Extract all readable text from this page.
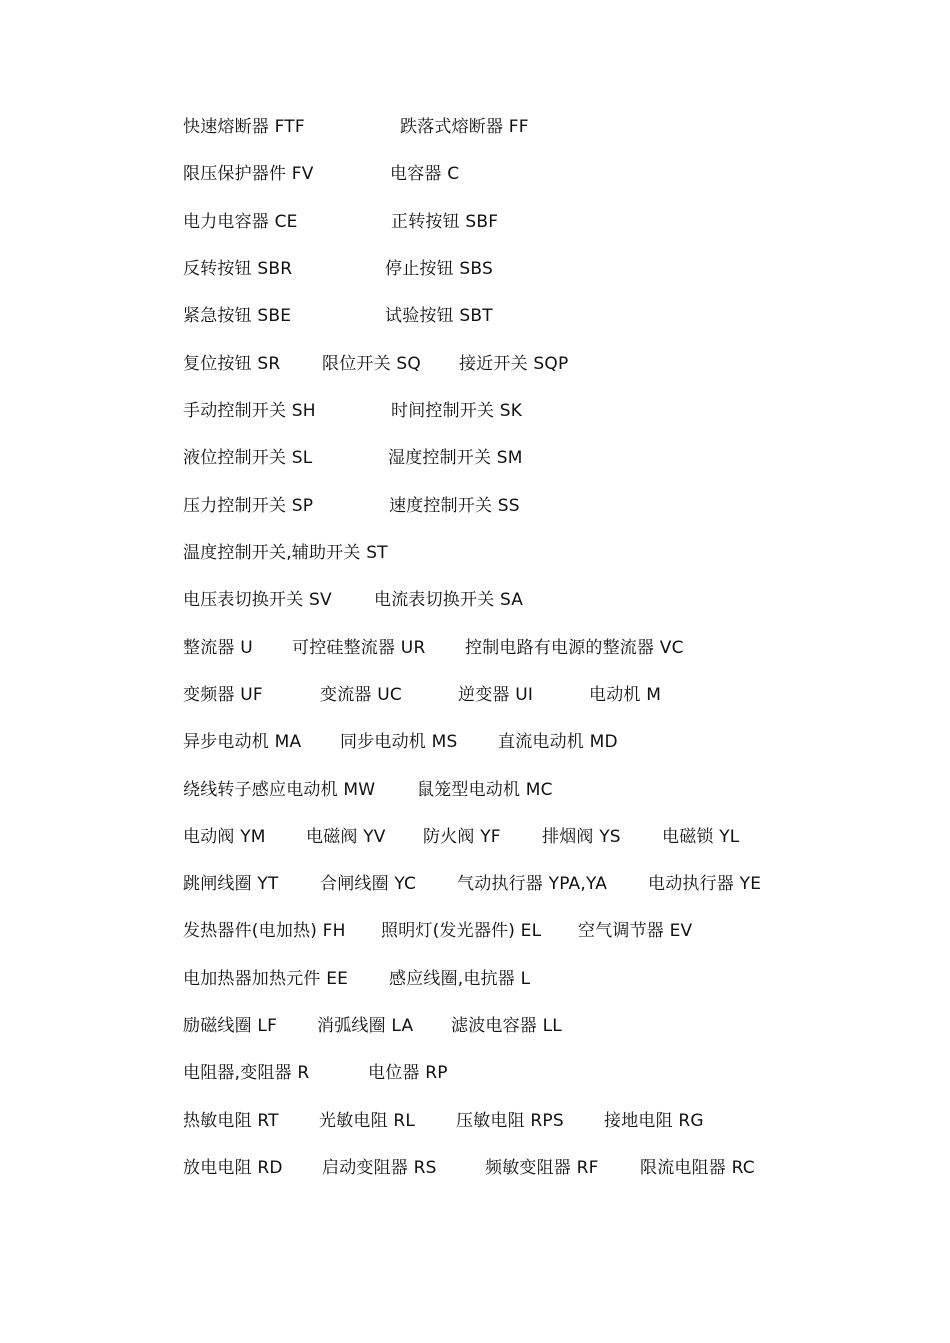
快速熔断器 FTF	跌落式熔断器 FF
限压保护器件 FV	电容器 C
电力电容器 CE	正转按钮 SBF
反转按钮 SBR	停止按钮 SBS
紧急按钮 SBE	试验按钮 SBT
复位按钮 SR 限位开关 SQ 接近开关 SQP
手动控制开关 SH	时间控制开关 SK
液位控制开关 SL	湿度控制开关 SM
压力控制开关 SP	速度控制开关 SS
温度控制开关,辅助开关 ST
电压表切换开关 SV 电流表切换开关 SA
整流器 U 可控硅整流器 UR 控制电路有电源的整流器 VC
变频器 UF	变流器 UC	逆变器 UI	电动机 M
异步电动机 MA 同步电动机 MS 直流电动机 MD
绕线转子感应电动机 MW 鼠笼型电动机 MC
电动阀 YM 电磁阀 YV 防火阀 YF 排烟阀 YS 电磁锁 YL
跳闸线圈 YT 合闸线圈 YC 气动执行器 YPA,YA 电动执行器 YE
发热器件(电加热) FH 照明灯(发光器件) EL 空气调节器 EV
电加热器加热元件 EE 感应线圈,电抗器 L
励磁线圈 LF 消弧线圈 LA 滤波电容器 LL
电阻器,变阻器 R	电位器 RP
热敏电阻 RT 光敏电阻 RL 压敏电阻 RPS 接地电阻 RG
放电电阻 RD 启动变阻器 RS	频敏变阻器 RF 限流电阻器 RC
